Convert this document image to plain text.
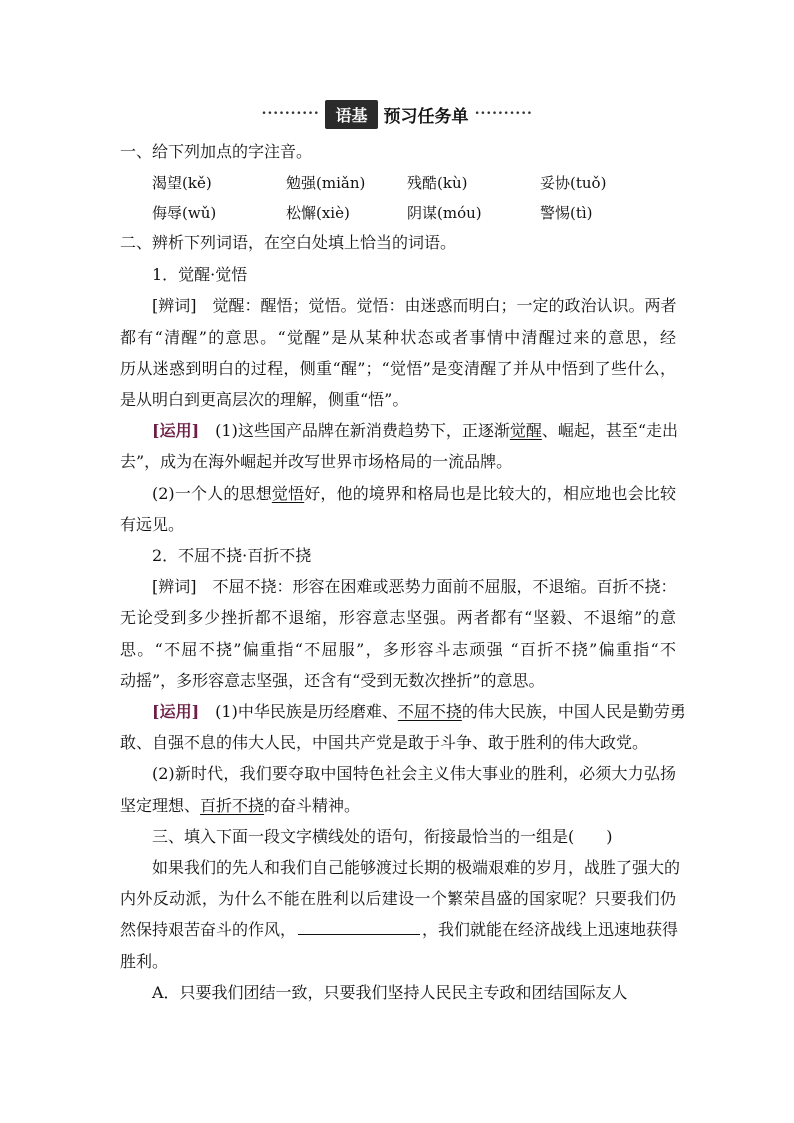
••••••••••	语基 预习任务单 ••••••••••
一、给下列加点的字注音。
渴望(kě)	勉强(miǎn)	残酷(kù)	妥协(tuǒ)
侮辱(wǔ)	松懈(xiè)	阴谋(móu)	警惕(tì)
二、辨析下列词语，在空白处填上恰当的词语。
1．觉醒·觉悟
[辨词]　 觉醒：醒悟；觉悟。觉悟：由迷惑而明白；一定的政治认识。两者
都有“清醒”的意思。“觉醒”是从某种状态或者事情中清醒过来的意思，经
历从迷惑到明白的过程，侧重“醒”；“觉悟”是变清醒了并从中悟到了些什么，
是从明白到更高层次的理解，侧重“悟”。
[运用]　 (1)这些国产品牌在新消费趋势下，正逐渐觉醒、崛起，甚至“走出
去”，成为在海外崛起并改写世界市场格局的一流品牌。
(2)一个人的思想觉悟好，他的境界和格局也是比较大的，相应地也会比较
有远见。
2．不屈不挠·百折不挠
[辨词]　 不屈不挠：形容在困难或恶势力面前不屈服，不退缩。百折不挠：
无论受到多少挫折都不退缩，形容意志坚强。两者都有“坚毅、不退缩”的意
思。“不屈不挠”偏重指“不屈服”，多形容斗志顽强 “百折不挠”偏重指“不
动摇”，多形容意志坚强，还含有“受到无数次挫折”的意思。
[运用]　 (1)中华民族是历经磨难、不屈不挠的伟大民族，中国人民是勤劳勇
敢、自强不息的伟大人民，中国共产党是敢于斗争、敢于胜利的伟大政党。
(2)新时代，我们要夺取中国特色社会主义伟大事业的胜利，必须大力弘扬
坚定理想、百折不挠的奋斗精神。
三、填入下面一段文字横线处的语句，衔接最恰当的一组是(　　)
如果我们的先人和我们自己能够渡过长期的极端艰难的岁月，战胜了强大的
内外反动派，为什么不能在胜利以后建设一个繁荣昌盛的国家呢？只要我们仍
然保持艰苦奋斗的作风，	，我们就能在经济战线上迅速地获得
胜利。
A．只要我们团结一致，只要我们坚持人民民主专政和团结国际友人
